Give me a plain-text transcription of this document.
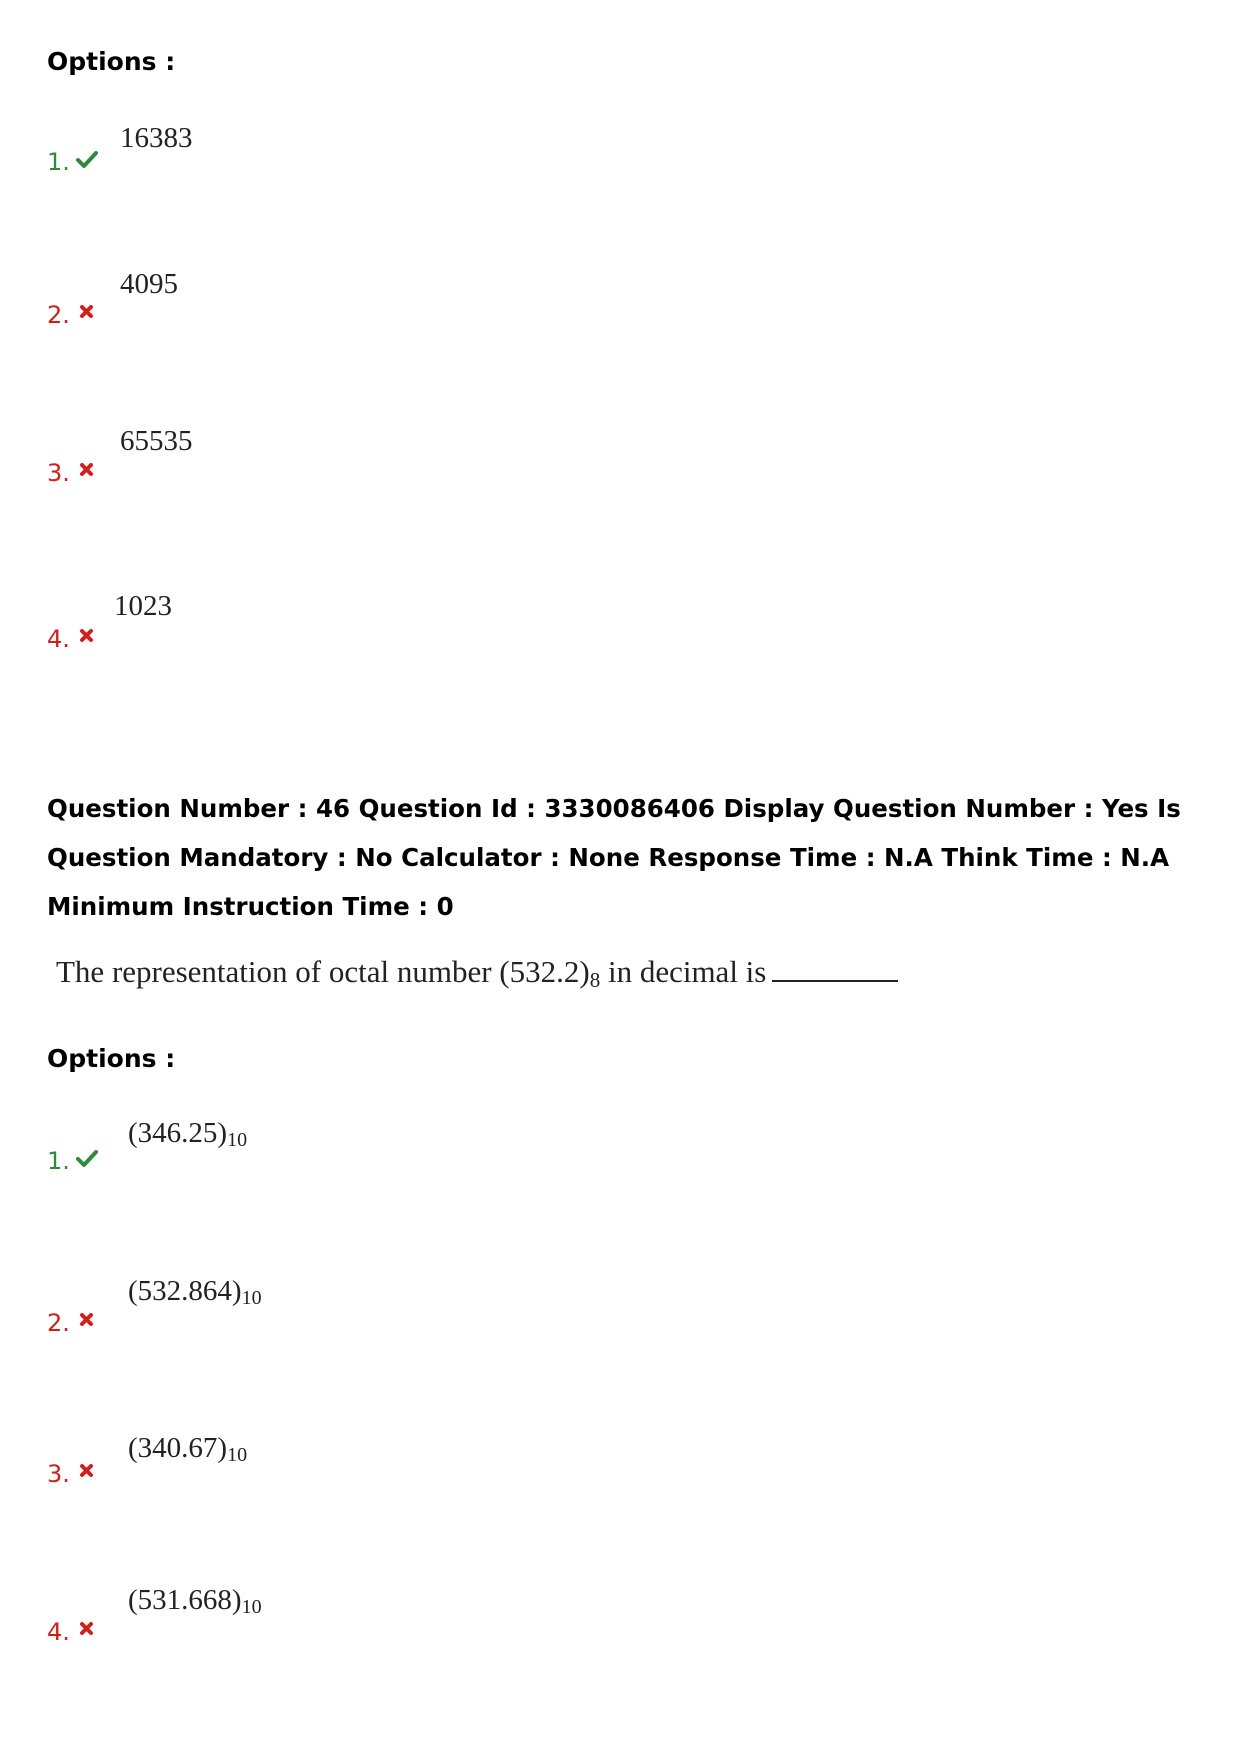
Options :
1.
16383
2.
4095
3.
65535
4.
1023

Question Number : 46 Question Id : 3330086406 Display Question Number : Yes Is Question Mandatory : No Calculator : None Response Time : N.A Think Time : N.A Minimum Instruction Time : 0

The representation of octal number $(532.2)_8$ in decimal is
Options :
1.
$(346.25)_{10}$
2.
$(532.864)_{10}$
3.
$(340.67)_{10}$
4.
$(531.668)_{10}$
